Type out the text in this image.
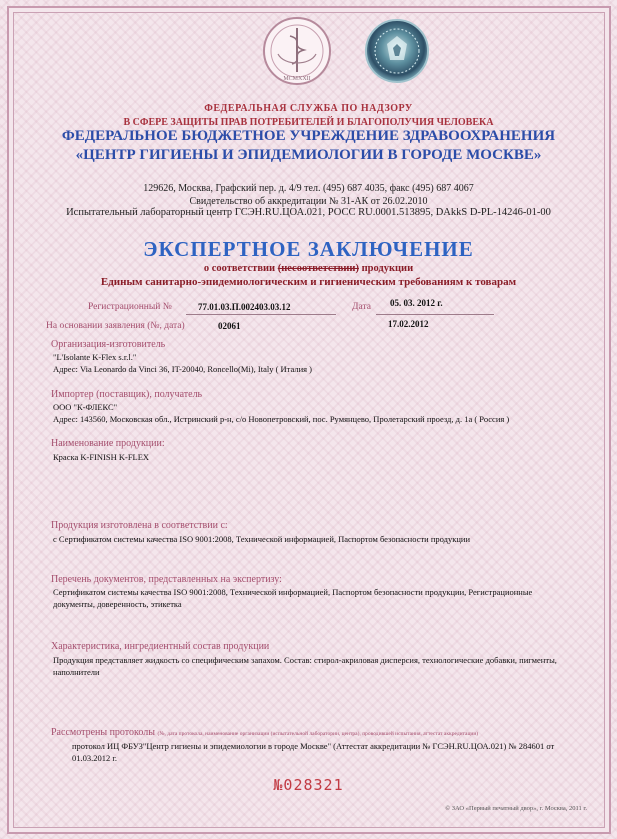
MCMXXII
ФЕДЕРАЛЬНАЯ СЛУЖБА ПО НАДЗОРУ
В СФЕРЕ ЗАЩИТЫ ПРАВ ПОТРЕБИТЕЛЕЙ И БЛАГОПОЛУЧИЯ ЧЕЛОВЕКА
ФЕДЕРАЛЬНОЕ БЮДЖЕТНОЕ УЧРЕЖДЕНИЕ ЗДРАВООХРАНЕНИЯ
«ЦЕНТР ГИГИЕНЫ И ЭПИДЕМИОЛОГИИ В ГОРОДЕ МОСКВЕ»
129626, Москва, Графский пер. д. 4/9 тел. (495) 687 4035, факс (495) 687 4067
Свидетельство об аккредитации № 31-АК от 26.02.2010
Испытательный лабораторный центр ГСЭН.RU.ЦОА.021, РОСС RU.0001.513895, DAkkS D-PL-14246-01-00
ЭКСПЕРТНОЕ ЗАКЛЮЧЕНИЕ
о соответствии (несоответствии) продукции
Единым санитарно-эпидемиологическим и гигиеническим требованиям к товарам
Регистрационный №	77.01.03.П.002403.03.12	Дата 05. 03. 2012 г.
На основании заявления (№, дата)	02061	17.02.2012
Организация-изготовитель
"L'Isolante K-Flex s.r.l."
Адрес: Via Leonardo da Vinci 36, IT-20040, Roncello(Mi), Italy ( Италия )
Импортер (поставщик), получатель
ООО "К-ФЛЕКС"
Адрес: 143560, Московская обл., Истринский р-н, с/о Новопетровский, пос. Румянцево, Пролетарский проезд, д. 1а ( Россия )
Наименование продукции:
Краска K-FINISH K-FLEX
Продукция изготовлена в соответствии с:
с Сертификатом системы качества ISO 9001:2008, Технической информацией, Паспортом безопасности продукции
Перечень документов, представленных на экспертизу:
Сертификатом системы качества ISO 9001:2008, Технической информацией, Паспортом безопасности продукции, Регистрационные документы, доверенность, этикетка
Характеристика, ингредиентный состав продукции
Продукция представляет жидкость со специфическим запахом. Состав: стирол-акриловая дисперсия, технологические добавки, пигменты, наполнители
Рассмотрены протоколы (№, дата протокола, наименование организации (испытательной лаборатории, центра), проводившей испытания, аттестат аккредитации)
протокол ИЦ ФБУЗ"Центр гигиены и эпидемиологии в городе Москве" (Аттестат аккредитации № ГСЭН.RU.ЦОА.021) № 284601 от 01.03.2012 г.
№028321
© ЗАО «Первый печатный двор», г. Москва, 2011 г.
